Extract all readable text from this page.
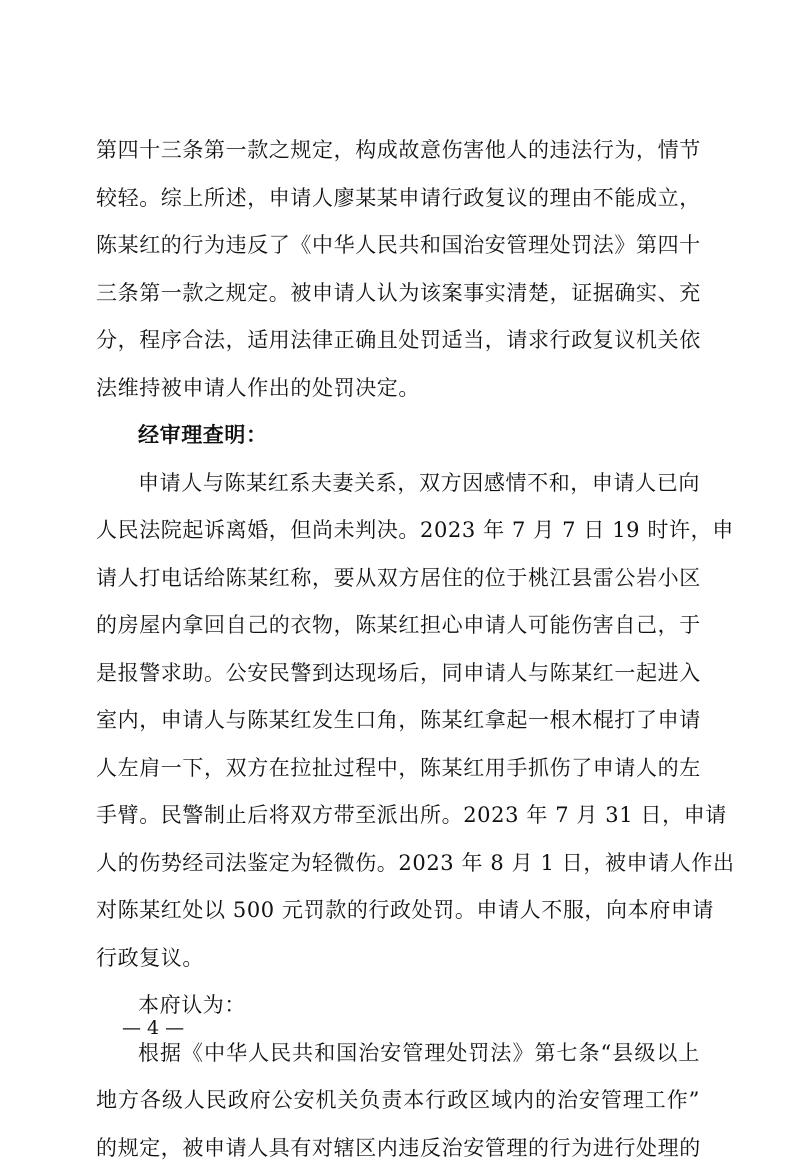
第四十三条第一款之规定，构成故意伤害他人的违法行为，情节
较轻。综上所述，申请人廖某某申请行政复议的理由不能成立，
陈某红的行为违反了《中华人民共和国治安管理处罚法》第四十
三条第一款之规定。被申请人认为该案事实清楚，证据确实、充
分，程序合法，适用法律正确且处罚适当，请求行政复议机关依
法维持被申请人作出的处罚决定。
经审理查明：
申请人与陈某红系夫妻关系，双方因感情不和，申请人已向
人民法院起诉离婚，但尚未判决。2023 年 7 月 7 日 19 时许，申
请人打电话给陈某红称，要从双方居住的位于桃江县雷公岩小区
的房屋内拿回自己的衣物，陈某红担心申请人可能伤害自己，于
是报警求助。公安民警到达现场后，同申请人与陈某红一起进入
室内，申请人与陈某红发生口角，陈某红拿起一根木棍打了申请
人左肩一下，双方在拉扯过程中，陈某红用手抓伤了申请人的左
手臂。民警制止后将双方带至派出所。2023 年 7 月 31 日，申请
人的伤势经司法鉴定为轻微伤。2023 年 8 月 1 日，被申请人作出
对陈某红处以 500 元罚款的行政处罚。申请人不服，向本府申请
行政复议。
本府认为：
根据《中华人民共和国治安管理处罚法》第七条“县级以上
地方各级人民政府公安机关负责本行政区域内的治安管理工作”
的规定，被申请人具有对辖区内违反治安管理的行为进行处理的
— 4 —
